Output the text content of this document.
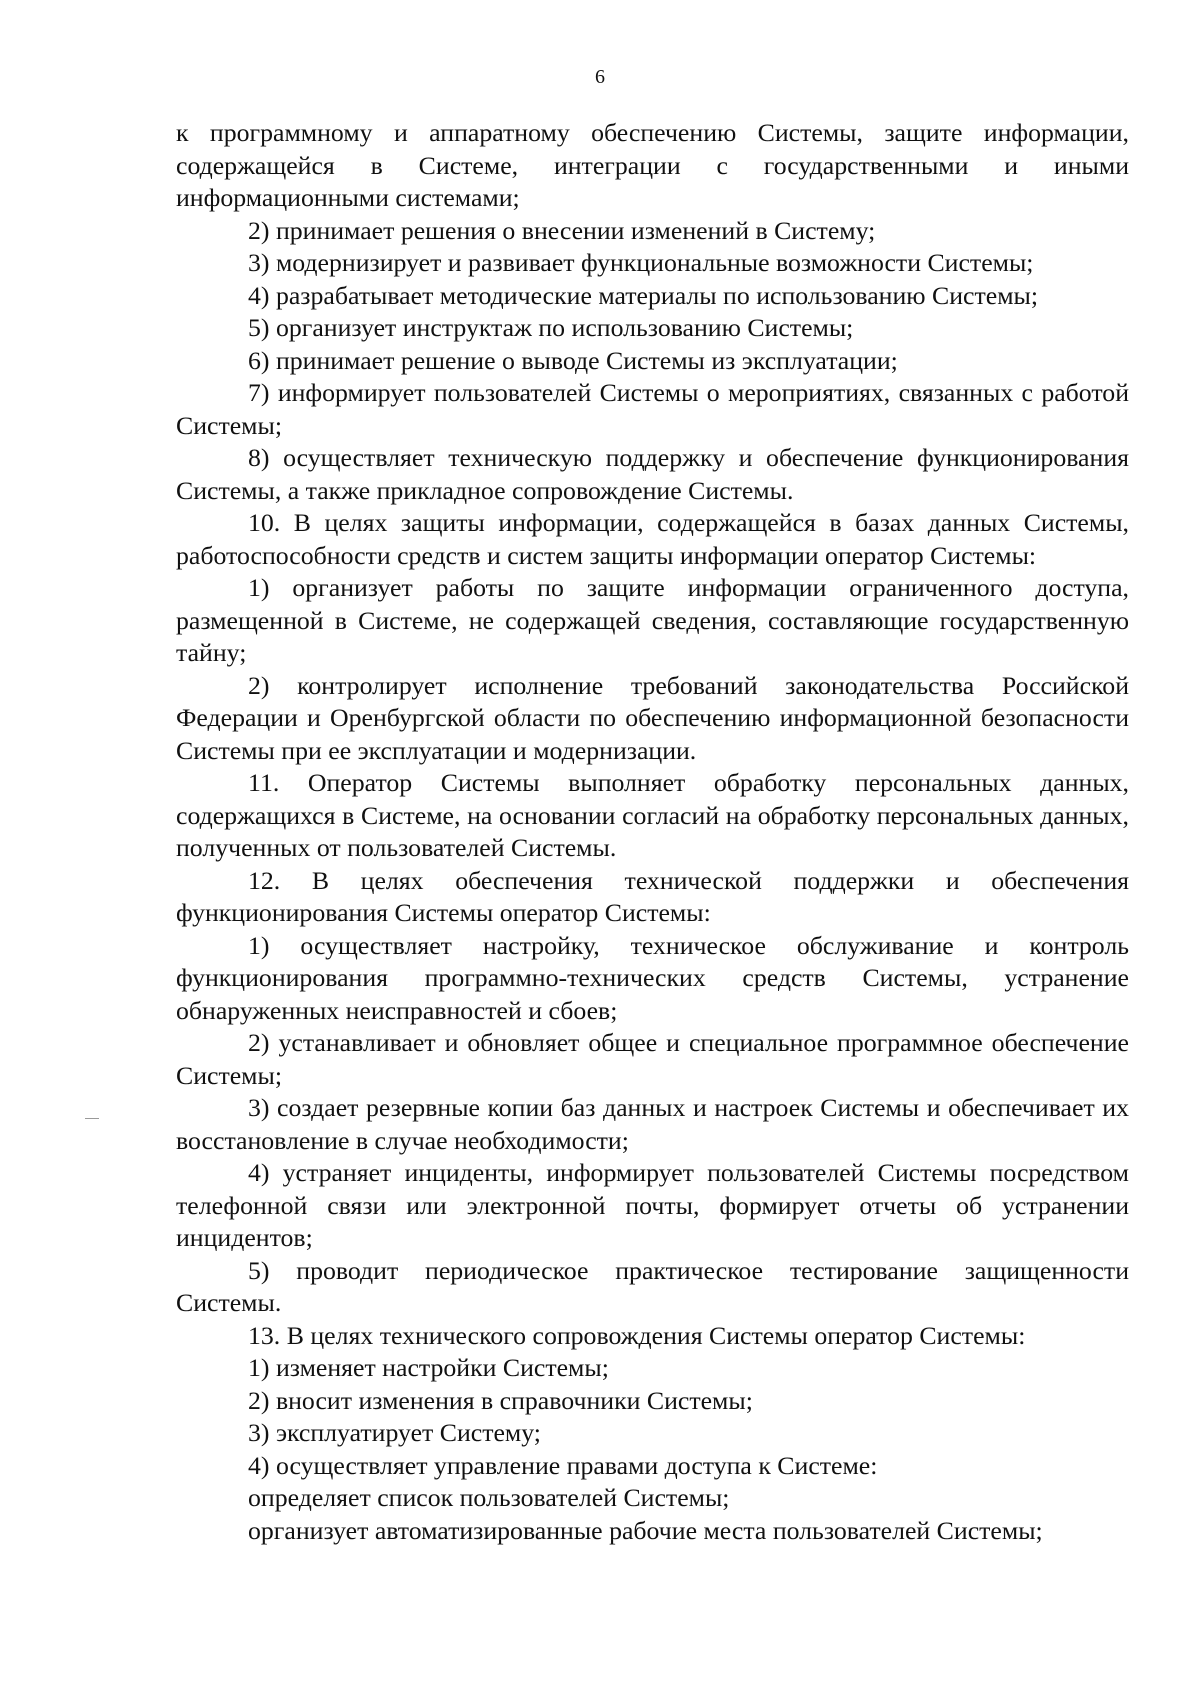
6

к программному и аппаратному обеспечению Системы, защите информации, содержащейся в Системе, интеграции с государственными и иными информационными системами;

2) принимает решения о внесении изменений в Систему;

3) модернизирует и развивает функциональные возможности Системы;

4) разрабатывает методические материалы по использованию Системы;

5) организует инструктаж по использованию Системы;

6) принимает решение о выводе Системы из эксплуатации;

7) информирует пользователей Системы о мероприятиях, связанных с работой Системы;

8) осуществляет техническую поддержку и обеспечение функционирования Системы, а также прикладное сопровождение Системы.

10. В целях защиты информации, содержащейся в базах данных Системы, работоспособности средств и систем защиты информации оператор Системы:

1) организует работы по защите информации ограниченного доступа, размещенной в Системе, не содержащей сведения, составляющие государственную тайну;

2) контролирует исполнение требований законодательства Российской Федерации и Оренбургской области по обеспечению информационной безопасности Системы при ее эксплуатации и модернизации.

11. Оператор Системы выполняет обработку персональных данных, содержащихся в Системе, на основании согласий на обработку персональных данных, полученных от пользователей Системы.

12. В целях обеспечения технической поддержки и обеспечения функционирования Системы оператор Системы:

1) осуществляет настройку, техническое обслуживание и контроль функционирования программно-технических средств Системы, устранение обнаруженных неисправностей и сбоев;

2) устанавливает и обновляет общее и специальное программное обеспечение Системы;

3) создает резервные копии баз данных и настроек Системы и обеспечивает их восстановление в случае необходимости;

4) устраняет инциденты, информирует пользователей Системы посредством телефонной связи или электронной почты, формирует отчеты об устранении инцидентов;

5) проводит периодическое практическое тестирование защищенности Системы.

13. В целях технического сопровождения Системы оператор Системы:

1) изменяет настройки Системы;

2) вносит изменения в справочники Системы;

3) эксплуатирует Систему;

4) осуществляет управление правами доступа к Системе:

определяет список пользователей Системы;

организует автоматизированные рабочие места пользователей Системы;
